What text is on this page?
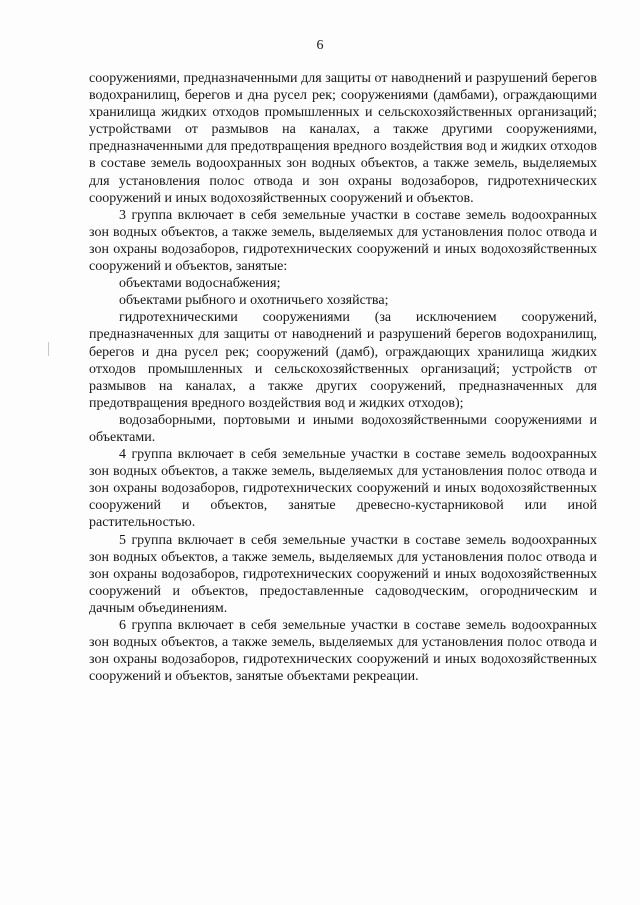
6

сооружениями, предназначенными для защиты от наводнений и разрушений берегов водохранилищ, берегов и дна русел рек; сооружениями (дамбами), ограждающими хранилища жидких отходов промышленных и сельскохозяйственных организаций; устройствами от размывов на каналах, а также другими сооружениями, предназначенными для предотвращения вредного воздействия вод и жидких отходов в составе земель водоохранных зон водных объектов, а также земель, выделяемых для установления полос отвода и зон охраны водозаборов, гидротехнических сооружений и иных водохозяйственных сооружений и объектов.

3 группа включает в себя земельные участки в составе земель водоохранных зон водных объектов, а также земель, выделяемых для установления полос отвода и зон охраны водозаборов, гидротехнических сооружений и иных водохозяйственных сооружений и объектов, занятые:

объектами водоснабжения;

объектами рыбного и охотничьего хозяйства;

гидротехническими сооружениями (за исключением сооружений, предназначенных для защиты от наводнений и разрушений берегов водохранилищ, берегов и дна русел рек; сооружений (дамб), ограждающих хранилища жидких отходов промышленных и сельскохозяйственных организаций; устройств от размывов на каналах, а также других сооружений, предназначенных для предотвращения вредного воздействия вод и жидких отходов);

водозаборными, портовыми и иными водохозяйственными сооружениями и объектами.

4 группа включает в себя земельные участки в составе земель водоохранных зон водных объектов, а также земель, выделяемых для установления полос отвода и зон охраны водозаборов, гидротехнических сооружений и иных водохозяйственных сооружений и объектов, занятые древесно-кустарниковой или иной растительностью.

5 группа включает в себя земельные участки в составе земель водоохранных зон водных объектов, а также земель, выделяемых для установления полос отвода и зон охраны водозаборов, гидротехнических сооружений и иных водохозяйственных сооружений и объектов, предоставленные садоводческим, огородническим и дачным объединениям.

6 группа включает в себя земельные участки в составе земель водоохранных зон водных объектов, а также земель, выделяемых для установления полос отвода и зон охраны водозаборов, гидротехнических сооружений и иных водохозяйственных сооружений и объектов, занятые объектами рекреации.
